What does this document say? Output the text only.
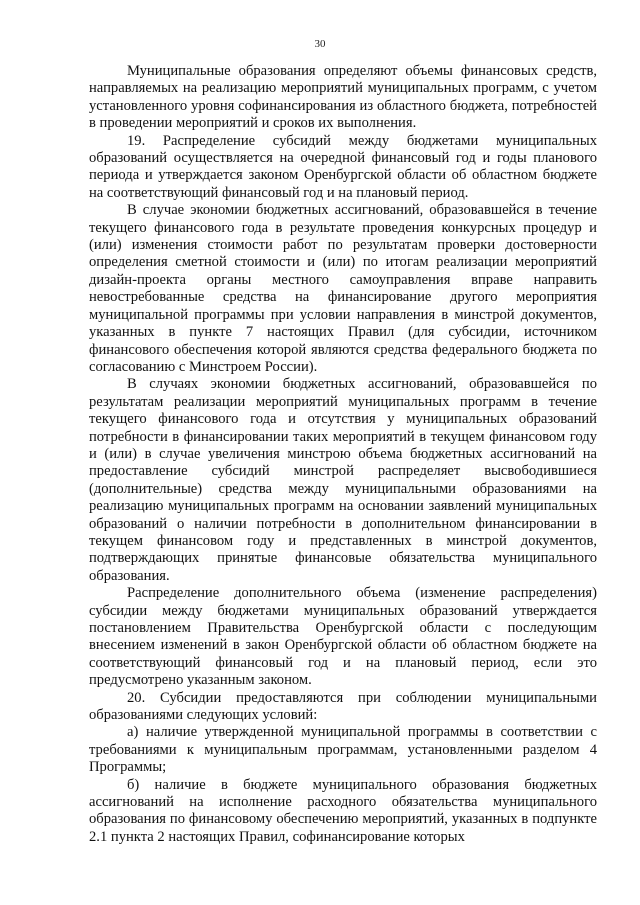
30

Муниципальные образования определяют объемы финансовых средств, направляемых на реализацию мероприятий муниципальных программ, с учетом установленного уровня софинансирования из областного бюджета, потребностей в проведении мероприятий и сроков их выполнения.

19. Распределение субсидий между бюджетами муниципальных образований осуществляется на очередной финансовый год и годы планового периода и утверждается законом Оренбургской области об областном бюджете на соответствующий финансовый год и на плановый период.

В случае экономии бюджетных ассигнований, образовавшейся в течение текущего финансового года в результате проведения конкурсных процедур и (или) изменения стоимости работ по результатам проверки достоверности определения сметной стоимости и (или) по итогам реализации мероприятий дизайн-проекта органы местного самоуправления вправе направить невостребованные средства на финансирование другого мероприятия муниципальной программы при условии направления в минстрой документов, указанных в пункте 7 настоящих Правил (для субсидии, источником финансового обеспечения которой являются средства федерального бюджета по согласованию с Минстроем России).

В случаях экономии бюджетных ассигнований, образовавшейся по результатам реализации мероприятий муниципальных программ в течение текущего финансового года и отсутствия у муниципальных образований потребности в финансировании таких мероприятий в текущем финансовом году и (или) в случае увеличения минстрою объема бюджетных ассигнований на предоставление субсидий минстрой распределяет высвободившиеся (дополнительные) средства между муниципальными образованиями на реализацию муниципальных программ на основании заявлений муниципальных образований о наличии потребности в дополнительном финансировании в текущем финансовом году и представленных в минстрой документов, подтверждающих принятые финансовые обязательства муниципального образования.

Распределение дополнительного объема (изменение распределения) субсидии между бюджетами муниципальных образований утверждается постановлением Правительства Оренбургской области с последующим внесением изменений в закон Оренбургской области об областном бюджете на соответствующий финансовый год и на плановый период, если это предусмотрено указанным законом.

20. Субсидии предоставляются при соблюдении муниципальными образованиями следующих условий:

а) наличие утвержденной муниципальной программы в соответствии с требованиями к муниципальным программам, установленными разделом 4 Программы;

б) наличие в бюджете муниципального образования бюджетных ассигнований на исполнение расходного обязательства муниципального образования по финансовому обеспечению мероприятий, указанных в подпункте 2.1 пункта 2 настоящих Правил, софинансирование которых
